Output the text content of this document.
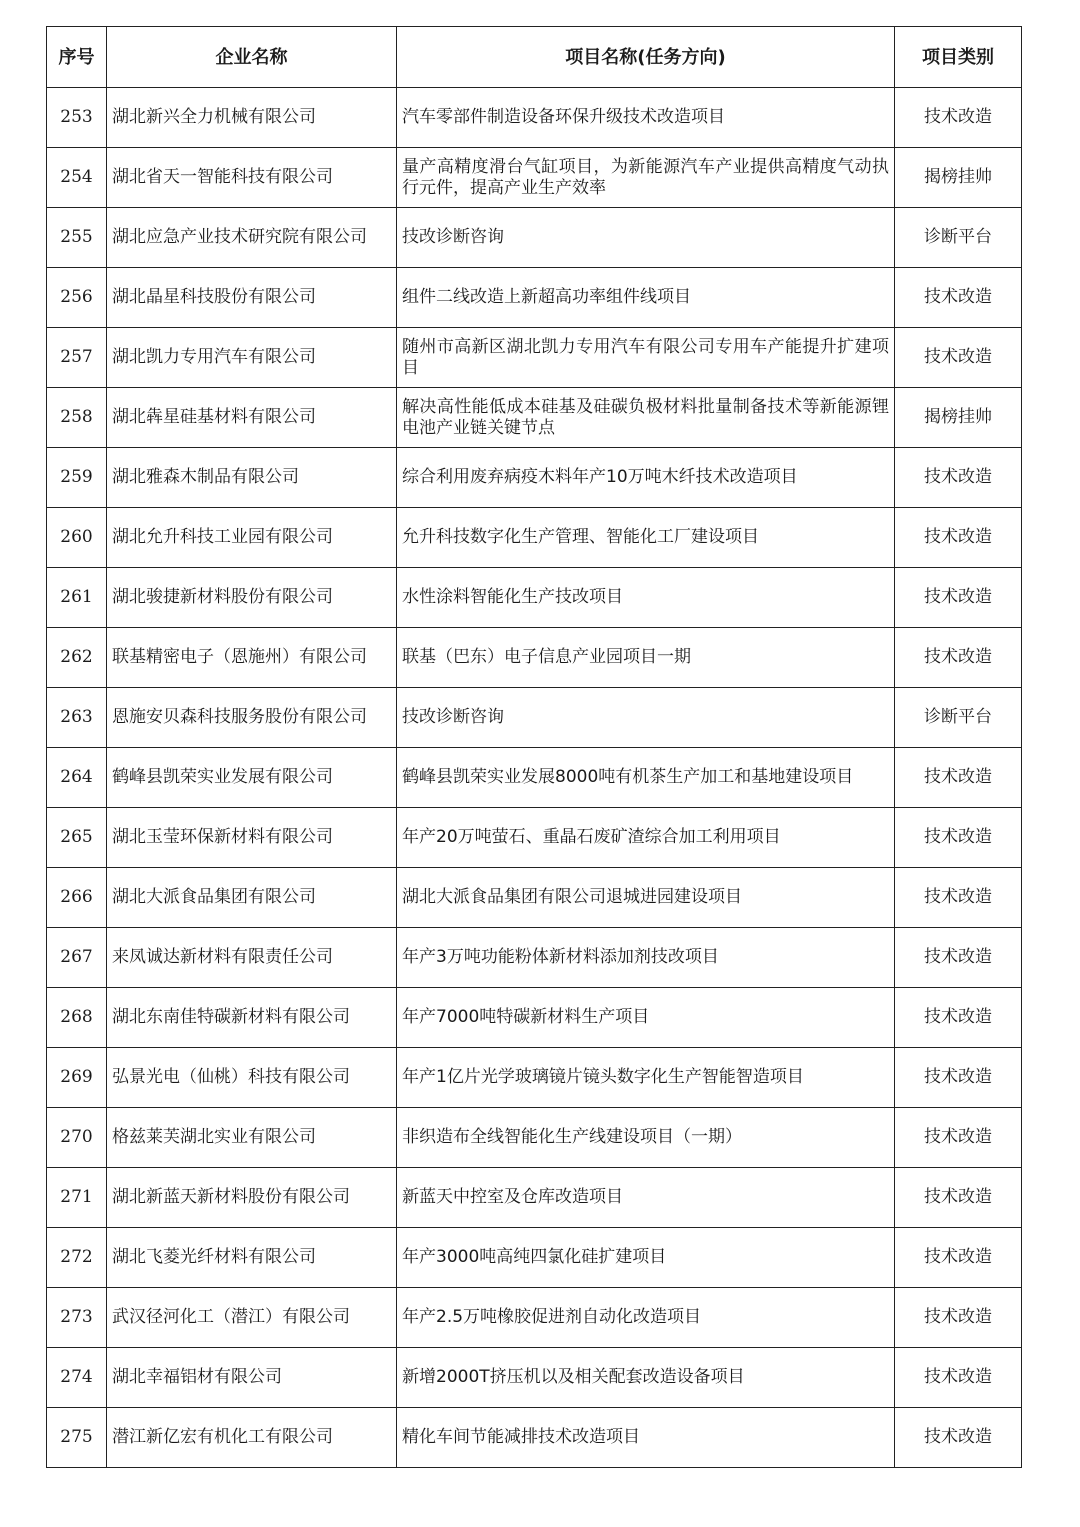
序号	企业名称	项目名称(任务方向)	项目类别
253	湖北新兴全力机械有限公司	汽车零部件制造设备环保升级技术改造项目	技术改造
254	湖北省天一智能科技有限公司	量产高精度滑台气缸项目，为新能源汽车产业提供高精度气动执行元件，提高产业生产效率	揭榜挂帅
255	湖北应急产业技术研究院有限公司	技改诊断咨询	诊断平台
256	湖北晶星科技股份有限公司	组件二线改造上新超高功率组件线项目	技术改造
257	湖北凯力专用汽车有限公司	随州市高新区湖北凯力专用汽车有限公司专用车产能提升扩建项目	技术改造
258	湖北犇星硅基材料有限公司	解决高性能低成本硅基及硅碳负极材料批量制备技术等新能源锂电池产业链关键节点	揭榜挂帅
259	湖北雅森木制品有限公司	综合利用废弃病疫木料年产10万吨木纤技术改造项目	技术改造
260	湖北允升科技工业园有限公司	允升科技数字化生产管理、智能化工厂建设项目	技术改造
261	湖北骏捷新材料股份有限公司	水性涂料智能化生产技改项目	技术改造
262	联基精密电子（恩施州）有限公司	联基（巴东）电子信息产业园项目一期	技术改造
263	恩施安贝森科技服务股份有限公司	技改诊断咨询	诊断平台
264	鹤峰县凯荣实业发展有限公司	鹤峰县凯荣实业发展8000吨有机茶生产加工和基地建设项目	技术改造
265	湖北玉莹环保新材料有限公司	年产20万吨萤石、重晶石废矿渣综合加工利用项目	技术改造
266	湖北大派食品集团有限公司	湖北大派食品集团有限公司退城进园建设项目	技术改造
267	来凤诚达新材料有限责任公司	年产3万吨功能粉体新材料添加剂技改项目	技术改造
268	湖北东南佳特碳新材料有限公司	年产7000吨特碳新材料生产项目	技术改造
269	弘景光电（仙桃）科技有限公司	年产1亿片光学玻璃镜片镜头数字化生产智能智造项目	技术改造
270	格兹莱芙湖北实业有限公司	非织造布全线智能化生产线建设项目（一期）	技术改造
271	湖北新蓝天新材料股份有限公司	新蓝天中控室及仓库改造项目	技术改造
272	湖北飞菱光纤材料有限公司	年产3000吨高纯四氯化硅扩建项目	技术改造
273	武汉径河化工（潜江）有限公司	年产2.5万吨橡胶促进剂自动化改造项目	技术改造
274	湖北幸福铝材有限公司	新增2000T挤压机以及相关配套改造设备项目	技术改造
275	潜江新亿宏有机化工有限公司	精化车间节能减排技术改造项目	技术改造
